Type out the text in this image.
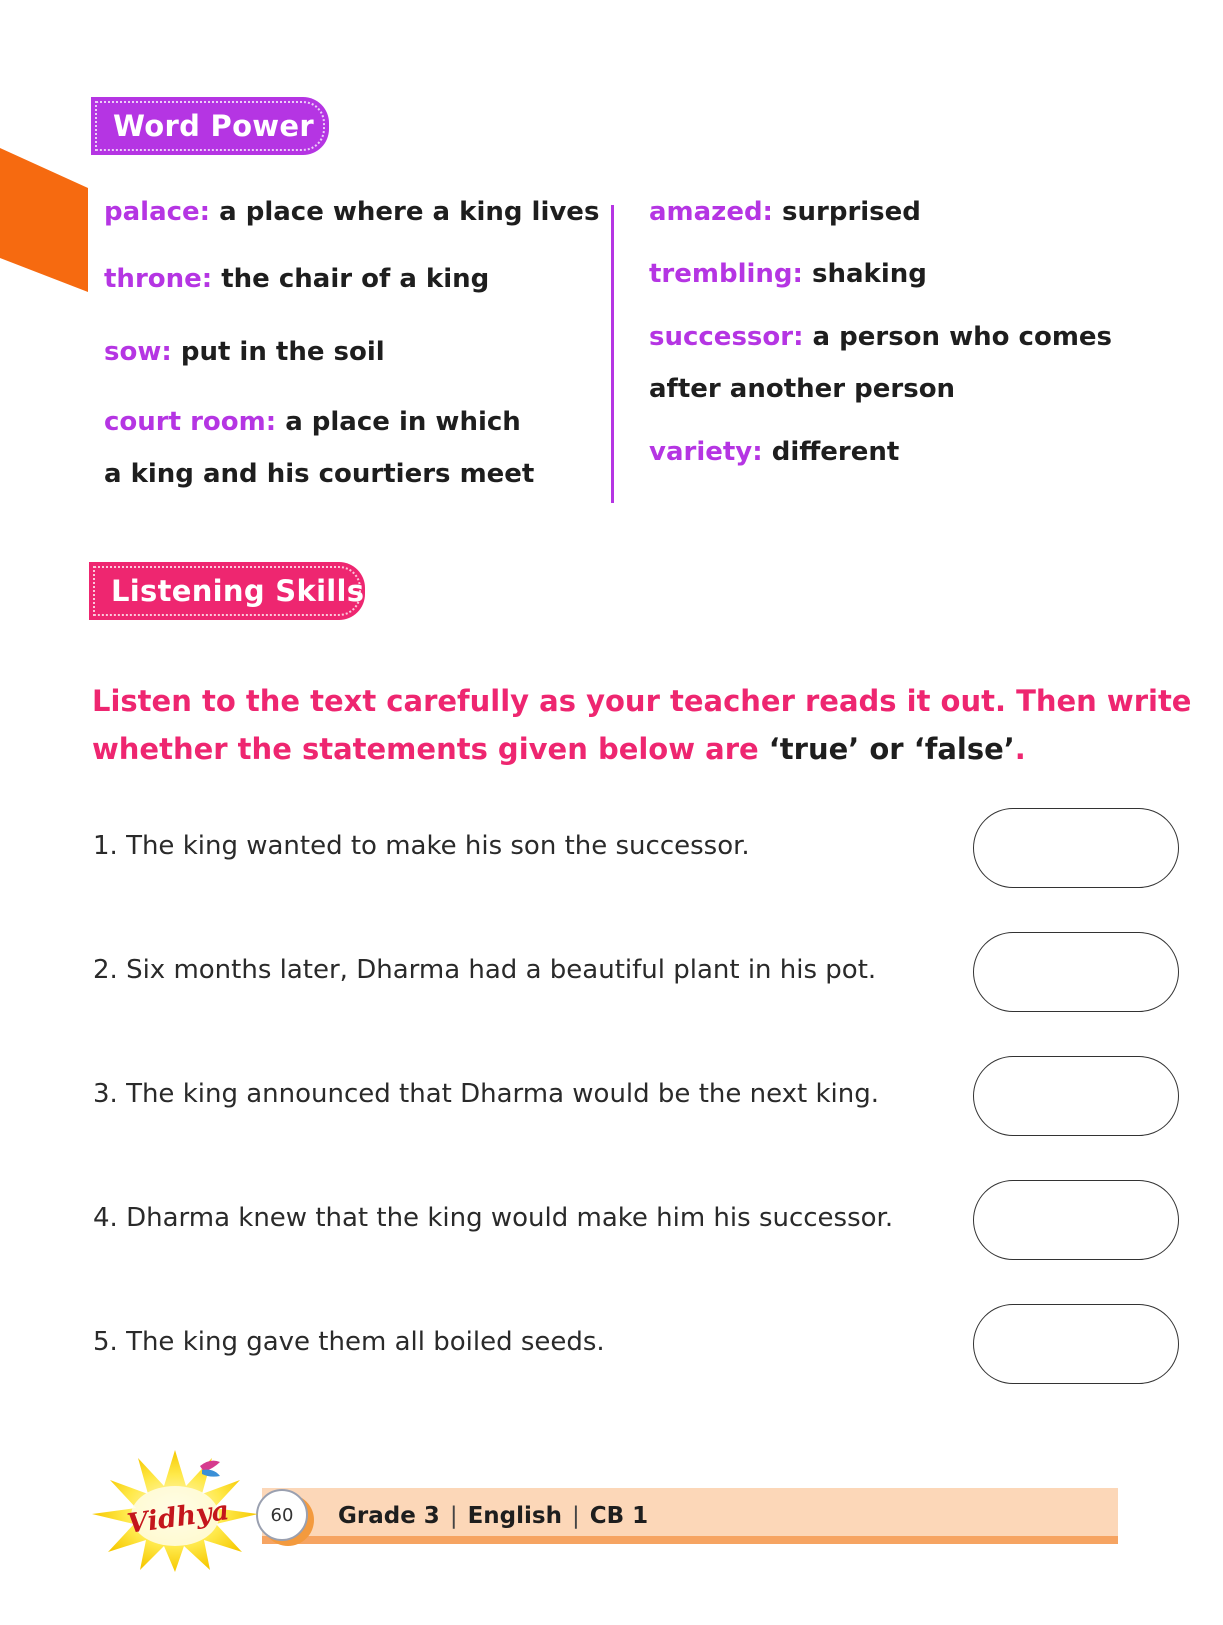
Word Power
palace: a place where a king lives
throne: the chair of a king
sow: put in the soil
court room: a place in which a king and his courtiers meet
amazed: surprised
trembling: shaking
successor: a person who comes after another person
variety: different
Listening Skills
Listen to the text carefully as your teacher reads it out. Then write whether the statements given below are ‘true’ or ‘false’.
1. The king wanted to make his son the successor.
2. Six months later, Dharma had a beautiful plant in his pot.
3. The king announced that Dharma would be the next king.
4. Dharma knew that the king would make him his successor.
5. The king gave them all boiled seeds.
60	Grade 3 | English | CB 1
Vidhya
